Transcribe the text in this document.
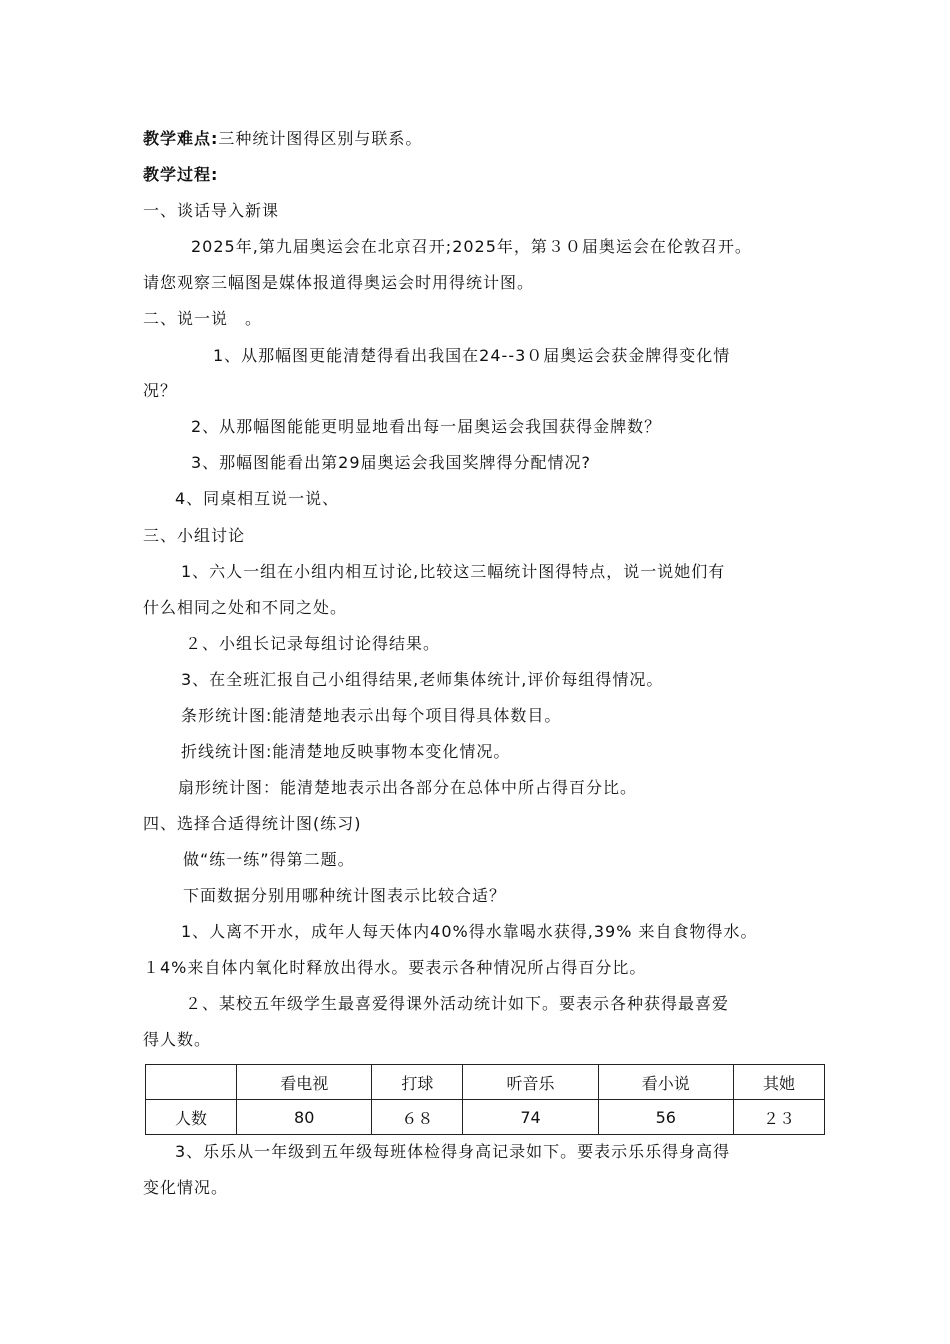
教学难点:三种统计图得区别与联系。
教学过程:
一、谈话导入新课
2025年,第九届奥运会在北京召开;2025年，第３０届奥运会在伦敦召开。
请您观察三幅图是媒体报道得奥运会时用得统计图。
二、说一说　。
1、从那幅图更能清楚得看出我国在24--3０届奥运会获金牌得变化情
况？
2、从那幅图能能更明显地看出每一届奥运会我国获得金牌数？
3、那幅图能看出第29届奥运会我国奖牌得分配情况?
4、同桌相互说一说、
三、小组讨论
1、六人一组在小组内相互讨论,比较这三幅统计图得特点，说一说她们有
什么相同之处和不同之处。
２、小组长记录每组讨论得结果。
3、在全班汇报自己小组得结果,老师集体统计,评价每组得情况。
条形统计图:能清楚地表示出每个项目得具体数目。
折线统计图:能清楚地反映事物本变化情况。
扇形统计图：能清楚地表示出各部分在总体中所占得百分比。
四、选择合适得统计图(练习)
做“练一练”得第二题。
下面数据分别用哪种统计图表示比较合适？
1、人离不开水，成年人每天体内40%得水靠喝水获得,39% 来自食物得水。
１4%来自体内氧化时释放出得水。要表示各种情况所占得百分比。
２、某校五年级学生最喜爱得课外活动统计如下。要表示各种获得最喜爱
得人数。
	看电视	打球	听音乐	看小说	其她
人数	80	６８	74	56	２３
3、乐乐从一年级到五年级每班体检得身高记录如下。要表示乐乐得身高得
变化情况。
